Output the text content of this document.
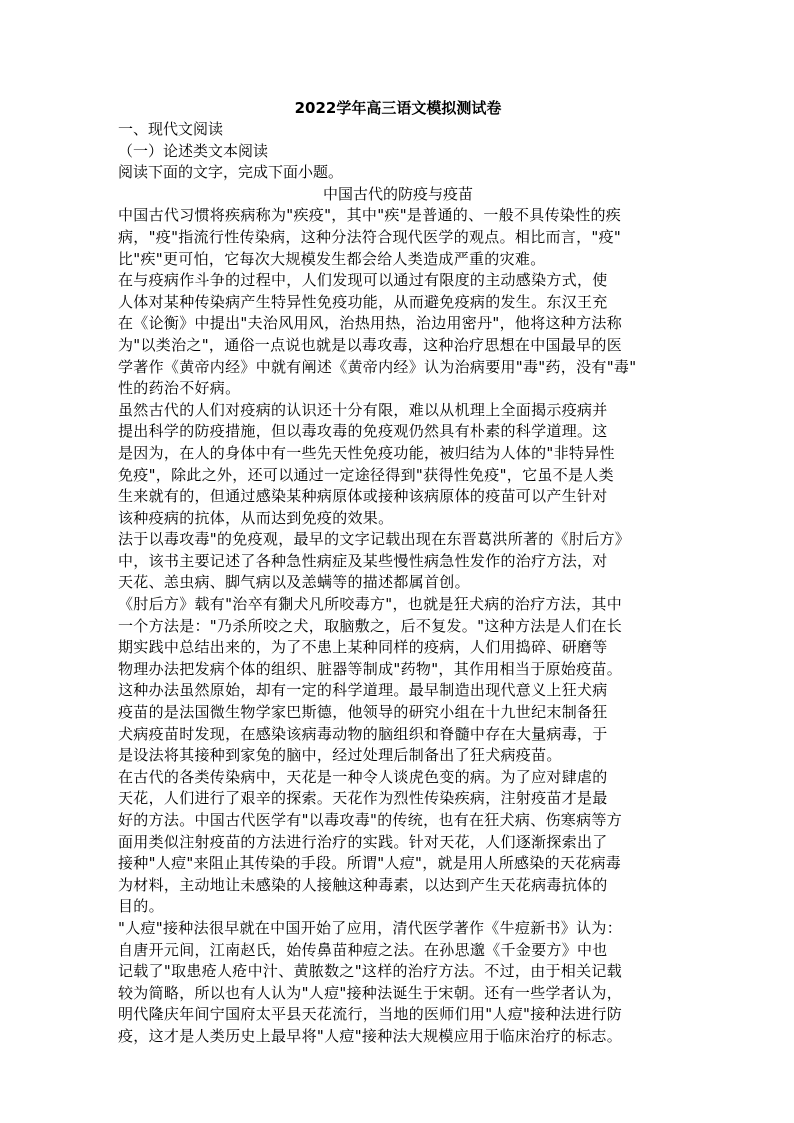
2022学年高三语文模拟测试卷

一、现代文阅读

（一）论述类文本阅读

阅读下面的文字，完成下面小题。

中国古代的防疫与疫苗

中国古代习惯将疾病称为"疾疫"，其中"疾"是普通的、一般不具传染性的疾

病，"疫"指流行性传染病，这种分法符合现代医学的观点。相比而言，"疫"

比"疾"更可怕，它每次大规模发生都会给人类造成严重的灾难。

在与疫病作斗争的过程中，人们发现可以通过有限度的主动感染方式，使

人体对某种传染病产生特异性免疫功能，从而避免疫病的发生。东汉王充

在《论衡》中提出"夫治风用风，治热用热，治边用密丹"，他将这种方法称

为"以类治之"，通俗一点说也就是以毒攻毒，这种治疗思想在中国最早的医

学著作《黄帝内经》中就有阐述《黄帝内经》认为治病要用"毒"药，没有"毒"

性的药治不好病。

虽然古代的人们对疫病的认识还十分有限，难以从机理上全面揭示疫病并

提出科学的防疫措施，但以毒攻毒的免疫观仍然具有朴素的科学道理。这

是因为，在人的身体中有一些先天性免疫功能，被归结为人体的"非特异性

免疫"，除此之外，还可以通过一定途径得到"获得性免疫"，它虽不是人类

生来就有的，但通过感染某种病原体或接种该病原体的疫苗可以产生针对

该种疫病的抗体，从而达到免疫的效果。

法于以毒攻毒"的免疫观，最早的文字记载出现在东晋葛洪所著的《肘后方》

中，该书主要记述了各种急性病症及某些慢性病急性发作的治疗方法，对

天花、恙虫病、脚气病以及恙螨等的描述都属首创。

《肘后方》载有"治卒有猘犬凡所咬毒方"，也就是狂犬病的治疗方法，其中

一个方法是："乃杀所咬之犬，取脑敷之，后不复发。"这种方法是人们在长

期实践中总结出来的，为了不患上某种同样的疫病，人们用捣碎、研磨等

物理办法把发病个体的组织、脏器等制成"药物"，其作用相当于原始疫苗。

这种办法虽然原始，却有一定的科学道理。最早制造出现代意义上狂犬病

疫苗的是法国微生物学家巴斯德，他领导的研究小组在十九世纪末制备狂

犬病疫苗时发现，在感染该病毒动物的脑组织和脊髓中存在大量病毒，于

是设法将其接种到家兔的脑中，经过处理后制备出了狂犬病疫苗。

在古代的各类传染病中，天花是一种令人谈虎色变的病。为了应对肆虐的

天花，人们进行了艰辛的探索。天花作为烈性传染疾病，注射疫苗才是最

好的方法。中国古代医学有"以毒攻毒"的传统，也有在狂犬病、伤寒病等方

面用类似注射疫苗的方法进行治疗的实践。针对天花，人们逐渐探索出了

接种"人痘"来阻止其传染的手段。所谓"人痘"，就是用人所感染的天花病毒

为材料，主动地让未感染的人接触这种毒素，以达到产生天花病毒抗体的

目的。

"人痘"接种法很早就在中国开始了应用，清代医学著作《牛痘新书》认为：

自唐开元间，江南赵氏，始传鼻苗种痘之法。在孙思邈《千金要方》中也

记载了"取患疮人疮中汁、黄脓数之"这样的治疗方法。不过，由于相关记载

较为简略，所以也有人认为"人痘"接种法诞生于宋朝。还有一些学者认为，

明代隆庆年间宁国府太平县天花流行，当地的医师们用"人痘"接种法进行防

疫，这才是人类历史上最早将"人痘"接种法大规模应用于临床治疗的标志。
